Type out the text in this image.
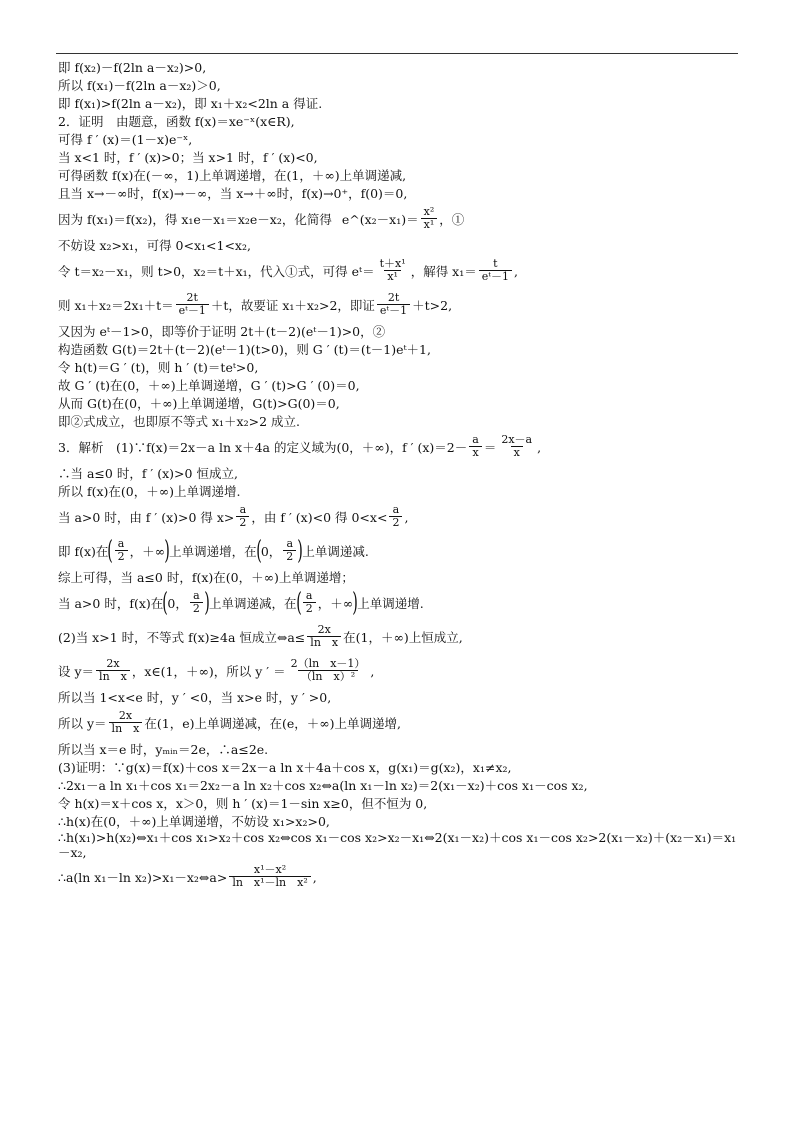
即 f(x₂)－f(2ln a－x₂)>0,
所以 f(x₁)－f(2ln a－x₂)＞0,
即 f(x₁)>f(2ln a－x₂)，即 x₁＋x₂<2ln a 得证.
2．证明　由题意，函数 f(x)＝xe⁻ˣ(x∈R),
可得 f ′ (x)＝(1－x)e⁻ˣ,
当 x<1 时，f ′ (x)>0；当 x>1 时，f ′ (x)<0,
可得函数 f(x)在(－∞，1)上单调递增，在(1，＋∞)上单调递减,
且当 x→－∞时，f(x)→－∞，当 x→＋∞时，f(x)→0⁺，f(0)＝0,
因为 f(x₁)＝f(x₂)，得 x₁e－x₁＝x₂e－x₂，化简得 e^(x₂－x₁)＝ $\frac{\text{x²}}{\text{x¹}}$ ，①
不妨设 x₂>x₁，可得 0<x₁<1<x₂,
令 t＝x₂－x₁，则 t>0，x₂＝t＋x₁，代入①式，可得 eᵗ＝ $\frac{\text{t＋x¹}}{\text{x¹}}$ ，解得 $x_1= \frac{t}{\text{eᵗ－1}}$ ,
则 $x_1+x_2=2x_1+t= \frac{2t}{\text{eᵗ－1}} +t$，故要证 x₁＋x₂>2，即证 $\frac{2t}{\text{eᵗ－1}} +t>2$,
又因为 eᵗ－1>0，即等价于证明 2t＋(t－2)(eᵗ－1)>0，②
构造函数 G(t)＝2t＋(t－2)(eᵗ－1)(t>0)，则 G ′ (t)＝(t－1)eᵗ＋1,
令 h(t)＝G ′ (t)，则 h ′ (t)＝teᵗ>0,
故 G ′ (t)在(0，＋∞)上单调递增，G ′ (t)>G ′ (0)＝0,
从而 G(t)在(0，＋∞)上单调递增，G(t)>G(0)＝0,
即②式成立，也即原不等式 x₁＋x₂>2 成立.
3．解析　(1)∵f(x)＝2x－a ln x＋4a 的定义域为(0，＋∞)，f ′ $(x)=2- \frac{a}{x} = \frac{2x-a}{x}$ ,
∴当 a≤0 时，f ′ (x)>0 恒成立,
所以 f(x)在(0，＋∞)上单调递增.
当 a>0 时，由 f ′ (x)>0 得 $x> \frac{a}{2}$ ，由 f ′ (x)<0 得 $0<x< \frac{a}{2}$ ,
即 f(x)在 ( $\frac{a}{2}$ ，＋∞ ) 上单调递增，在 ( 0， $\frac{a}{2}$ ) 上单调递减.
综上可得，当 a≤0 时，f(x)在(0，＋∞)上单调递增；
当 a>0 时，f(x)在 ( 0， $\frac{a}{2}$ ) 上单调递减，在 ( $\frac{a}{2}$ ，＋∞ ) 上单调递增.
(2)当 x>1 时，不等式 f(x)≥4a 恒成立⇔a≤ $\frac{2x}{\text{ln　x}}$ 在(1，＋∞)上恒成立,
设 $y= \frac{2x}{\text{ln　x}}$ ，x∈(1，＋∞)，所以 y ′ ＝ $\frac{\text{2（ln　x－1）}}{\text{（ln　x）²}}$ ,
所以当 1<x<e 时，y ′ <0，当 x>e 时，y ′ >0,
所以 $y= \frac{2x}{\text{ln　x}}$ 在(1，e)上单调递减，在(e，＋∞)上单调递增,
所以当 x＝e 时，yₘᵢₙ＝2e，∴a≤2e.
(3)证明：∵g(x)＝f(x)＋cos x＝2x－a ln x＋4a＋cos x，g(x₁)＝g(x₂)，x₁≠x₂,
∴2x₁－a ln x₁＋cos x₁＝2x₂－a ln x₂＋cos x₂⇔a(ln x₁－ln x₂)＝2(x₁－x₂)＋cos x₁－cos x₂,
令 h(x)＝x＋cos x，x＞0，则 h ′ (x)＝1－sin x≥0，但不恒为 0,
∴h(x)在(0，＋∞)上单调递增，不妨设 x₁>x₂>0,
∴h(x₁)>h(x₂)⇔x₁＋cos x₁>x₂＋cos x₂⇔cos x₁－cos x₂>x₂－x₁⇔2(x₁－x₂)＋cos x₁－cos x₂>2(x₁－x₂)＋(x₂－x₁)＝x₁－x₂,
∴a(ln x₁－ln x₂)>x₁－x₂⇔a> $\frac{\text{x¹－x²}}{\text{ln　x¹－ln　x²}}$ ,
